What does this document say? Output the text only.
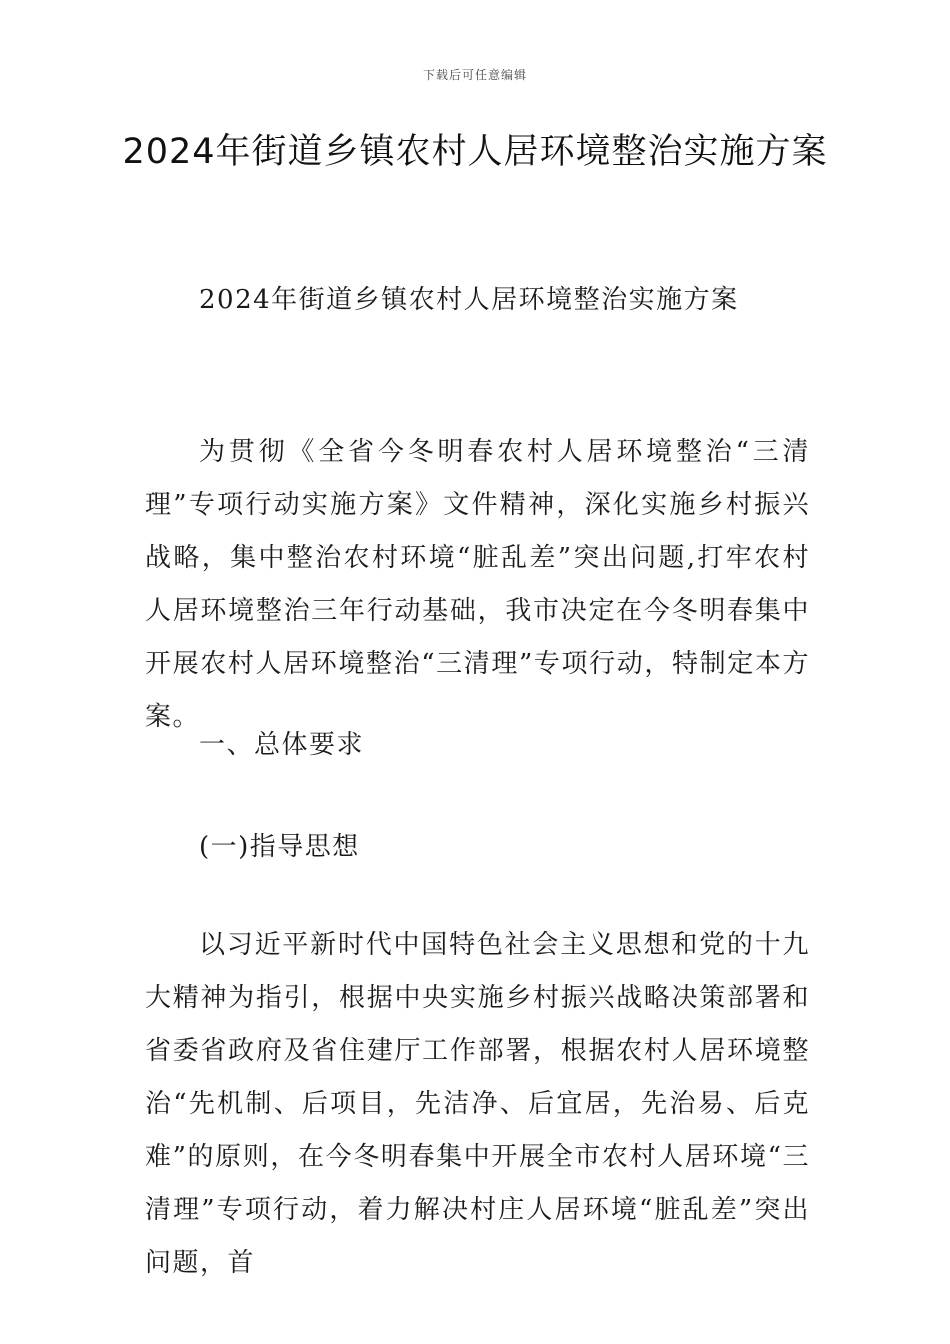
下载后可任意编辑
2024年街道乡镇农村人居环境整治实施方案

2024年街道乡镇农村人居环境整治实施方案

为贯彻《全省今冬明春农村人居环境整治“三清理”专项行动实施方案》文件精神，深化实施乡村振兴战略，集中整治农村环境“脏乱差”突出问题,打牢农村人居环境整治三年行动基础，我市决定在今冬明春集中开展农村人居环境整治“三清理”专项行动，特制定本方案。

一、总体要求

(一)指导思想

以习近平新时代中国特色社会主义思想和党的十九大精神为指引，根据中央实施乡村振兴战略决策部署和省委省政府及省住建厅工作部署，根据农村人居环境整治“先机制、后项目，先洁净、后宜居，先治易、后克难”的原则，在今冬明春集中开展全市农村人居环境“三清理”专项行动，着力解决村庄人居环境“脏乱差”突出问题，首
